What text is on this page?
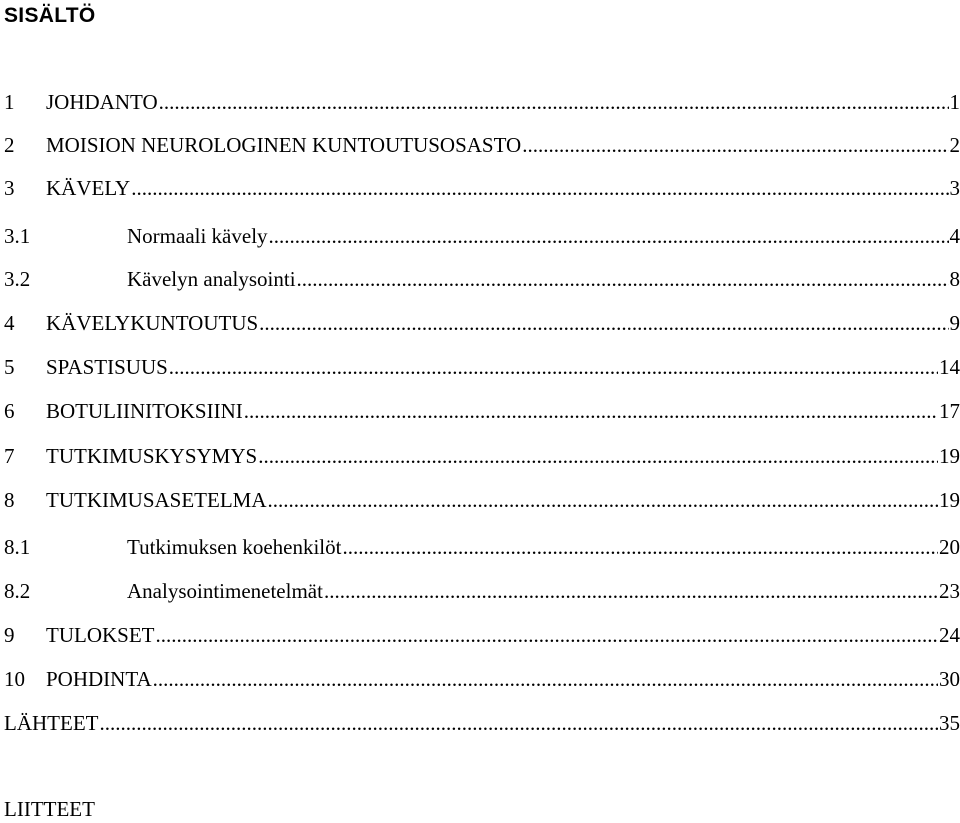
SISÄLTÖ
1	JOHDANTO .....	1
2	MOISION NEUROLOGINEN KUNTOUTUSOSASTO .....	2
3	KÄVELY .....	3
3.1	Normaali kävely .....	4
3.2	Kävelyn analysointi .....	8
4	KÄVELYKUNTOUTUS .....	9
5	SPASTISUUS .....	14
6	BOTULIINITOKSIINI .....	17
7	TUTKIMUSKYSYMYS .....	19
8	TUTKIMUSASETELMA .....	19
8.1	Tutkimuksen koehenkilöt .....	20
8.2	Analysointimenetelmät .....	23
9	TULOKSET .....	24
10	POHDINTA .....	30
LÄHTEET .....	35
LIITTEET
